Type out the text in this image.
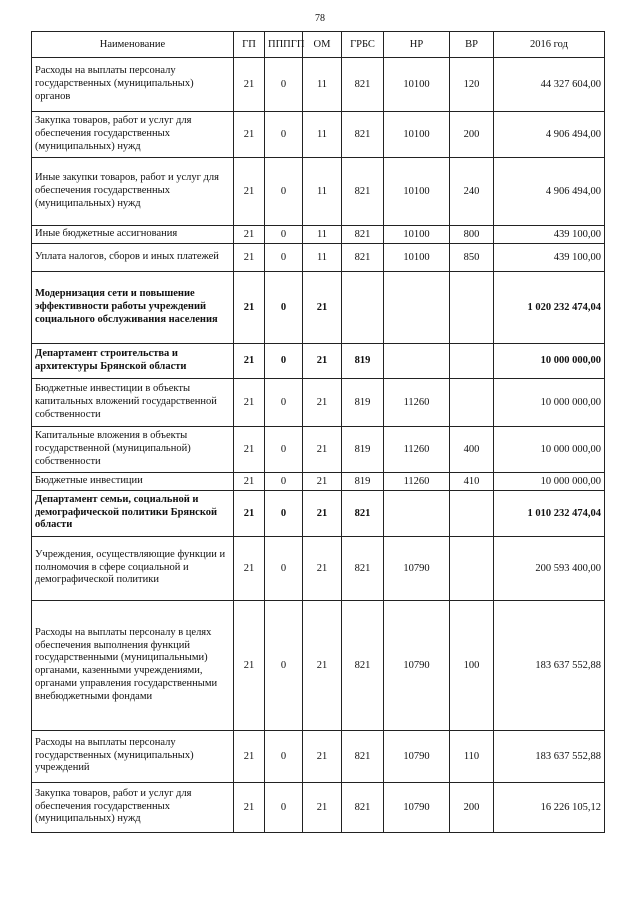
78
Наименование	ГП	ПППГП	ОМ	ГРБС	НР	ВР	2016 год
Расходы на выплаты персоналу государственных (муниципальных) органов	21	0	11	821	10100	120	44 327 604,00
Закупка товаров, работ и услуг для обеспечения государственных (муниципальных) нужд	21	0	11	821	10100	200	4 906 494,00
Иные закупки товаров, работ и услуг для обеспечения государственных (муниципальных) нужд	21	0	11	821	10100	240	4 906 494,00
Иные бюджетные ассигнования	21	0	11	821	10100	800	439 100,00
Уплата налогов, сборов и иных платежей	21	0	11	821	10100	850	439 100,00
Модернизация сети и повышение эффективности работы учреждений социального обслуживания населения	21	0	21				1 020 232 474,04
Департамент строительства и архитектуры Брянской области	21	0	21	819			10 000 000,00
Бюджетные инвестиции в объекты капитальных вложений государственной собственности	21	0	21	819	11260		10 000 000,00
Капитальные вложения в объекты государственной (муниципальной) собственности	21	0	21	819	11260	400	10 000 000,00
Бюджетные инвестиции	21	0	21	819	11260	410	10 000 000,00
Департамент семьи, социальной и демографической политики Брянской области	21	0	21	821			1 010 232 474,04
Учреждения, осуществляющие функции и полномочия в сфере социальной и демографической политики	21	0	21	821	10790		200 593 400,00
Расходы на выплаты персоналу в целях обеспечения выполнения функций государственными (муниципальными) органами, казенными учреждениями, органами управления государственными внебюджетными фондами	21	0	21	821	10790	100	183 637 552,88
Расходы на выплаты персоналу государственных (муниципальных) учреждений	21	0	21	821	10790	110	183 637 552,88
Закупка товаров, работ и услуг для обеспечения государственных (муниципальных) нужд	21	0	21	821	10790	200	16 226 105,12
